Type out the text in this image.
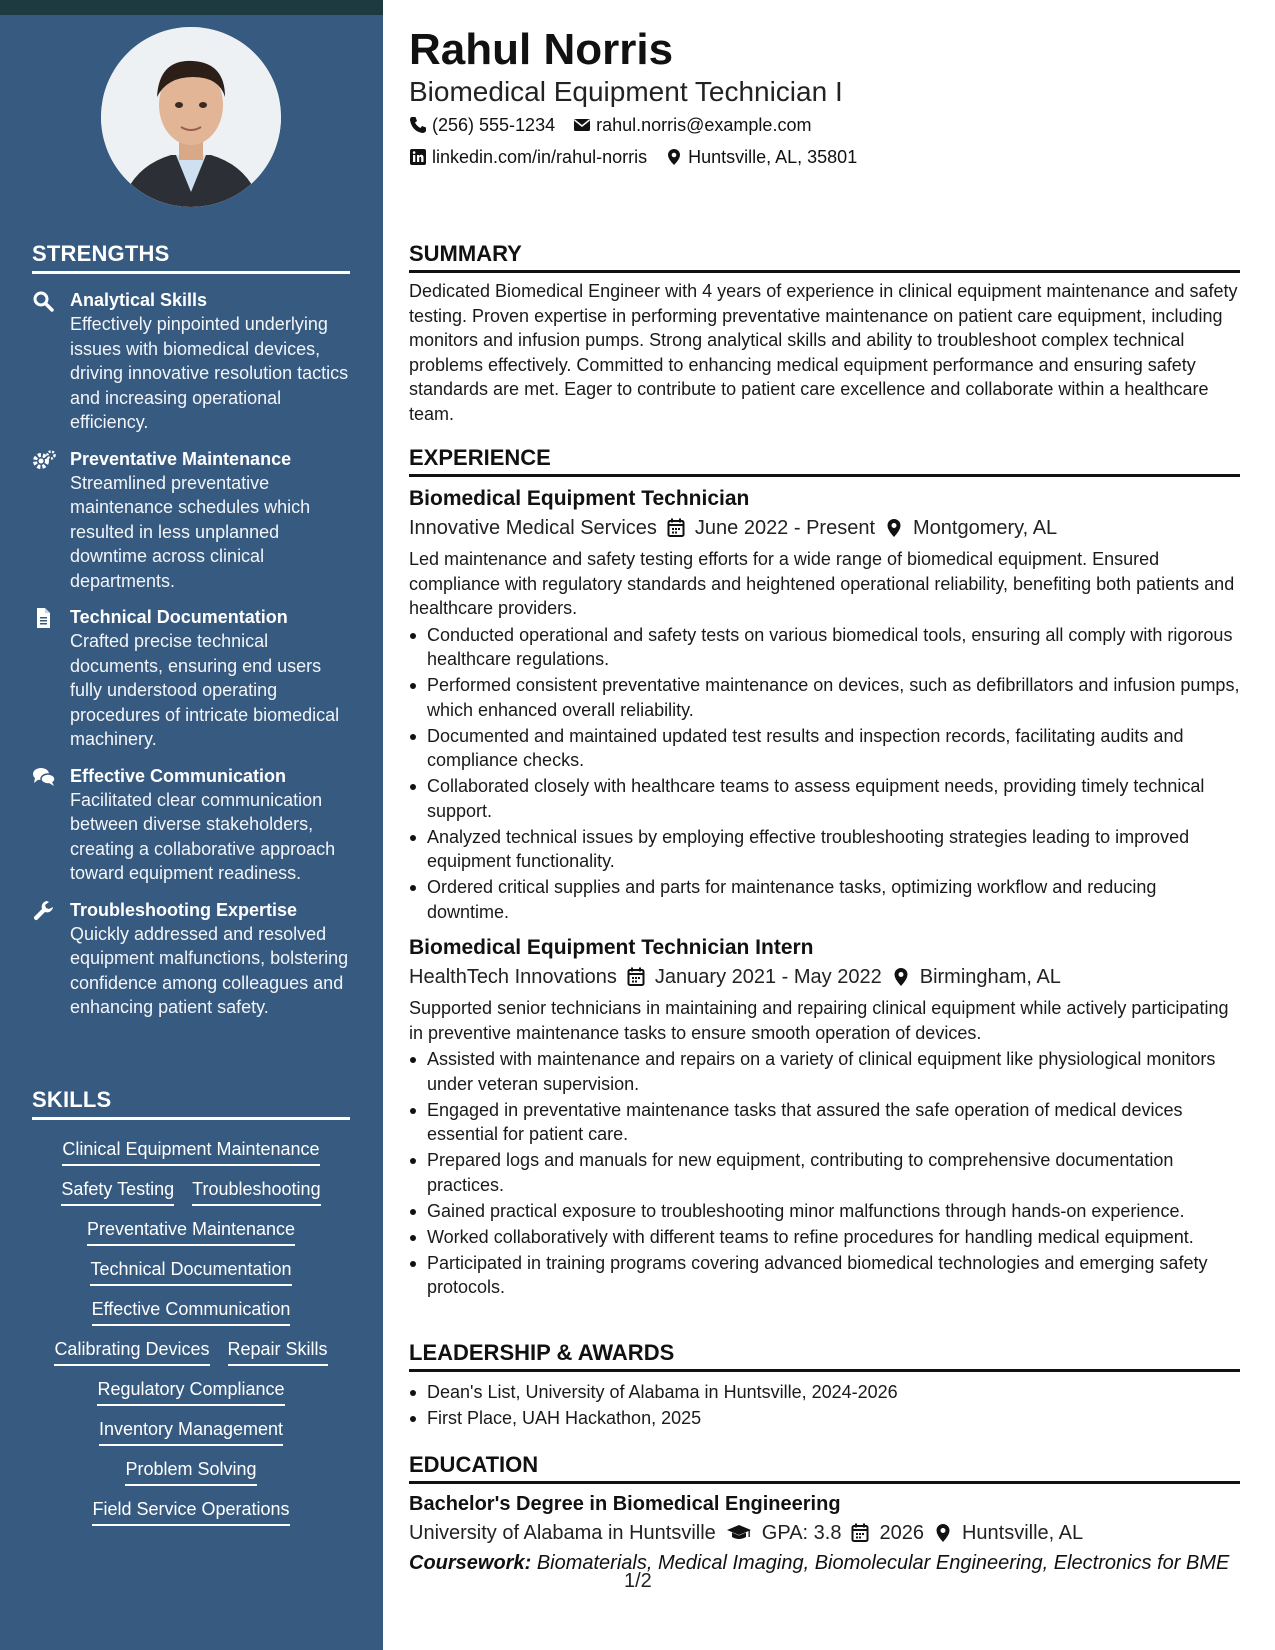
STRENGTHS
Analytical Skills
Effectively pinpointed underlying issues with biomedical devices, driving innovative resolution tactics and increasing operational efficiency.
Preventative Maintenance
Streamlined preventative maintenance schedules which resulted in less unplanned downtime across clinical departments.
Technical Documentation
Crafted precise technical documents, ensuring end users fully understood operating procedures of intricate biomedical machinery.
Effective Communication
Facilitated clear communication between diverse stakeholders, creating a collaborative approach toward equipment readiness.
Troubleshooting Expertise
Quickly addressed and resolved equipment malfunctions, bolstering confidence among colleagues and enhancing patient safety.
SKILLS
Clinical Equipment Maintenance
Safety Testing Troubleshooting
Preventative Maintenance
Technical Documentation
Effective Communication
Calibrating Devices Repair Skills
Regulatory Compliance
Inventory Management
Problem Solving
Field Service Operations
Rahul Norris
Biomedical Equipment Technician I
(256) 555-1234 rahul.norris@example.com
linkedin.com/in/rahul-norris Huntsville, AL, 35801
SUMMARY

Dedicated Biomedical Engineer with 4 years of experience in clinical equipment maintenance and safety testing. Proven expertise in performing preventative maintenance on patient care equipment, including monitors and infusion pumps. Strong analytical skills and ability to troubleshoot complex technical problems effectively. Committed to enhancing medical equipment performance and ensuring safety standards are met. Eager to contribute to patient care excellence and collaborate within a healthcare team.

EXPERIENCE
Biomedical Equipment Technician
Innovative Medical Services June 2022 - Present Montgomery, AL

Led maintenance and safety testing efforts for a wide range of biomedical equipment. Ensured compliance with regulatory standards and heightened operational reliability, benefiting both patients and healthcare providers.

Conducted operational and safety tests on various biomedical tools, ensuring all comply with rigorous healthcare regulations.
Performed consistent preventative maintenance on devices, such as defibrillators and infusion pumps, which enhanced overall reliability.
Documented and maintained updated test results and inspection records, facilitating audits and compliance checks.
Collaborated closely with healthcare teams to assess equipment needs, providing timely technical support.
Analyzed technical issues by employing effective troubleshooting strategies leading to improved equipment functionality.
Ordered critical supplies and parts for maintenance tasks, optimizing workflow and reducing downtime.
Biomedical Equipment Technician Intern
HealthTech Innovations January 2021 - May 2022 Birmingham, AL

Supported senior technicians in maintaining and repairing clinical equipment while actively participating in preventive maintenance tasks to ensure smooth operation of devices.

Assisted with maintenance and repairs on a variety of clinical equipment like physiological monitors under veteran supervision.
Engaged in preventative maintenance tasks that assured the safe operation of medical devices essential for patient care.
Prepared logs and manuals for new equipment, contributing to comprehensive documentation practices.
Gained practical exposure to troubleshooting minor malfunctions through hands-on experience.
Worked collaboratively with different teams to refine procedures for handling medical equipment.
Participated in training programs covering advanced biomedical technologies and emerging safety protocols.
LEADERSHIP & AWARDS
Dean's List, University of Alabama in Huntsville, 2024-2026
First Place, UAH Hackathon, 2025
EDUCATION
Bachelor's Degree in Biomedical Engineering
University of Alabama in Huntsville GPA: 3.8 2026 Huntsville, AL
Coursework: Biomaterials, Medical Imaging, Biomolecular Engineering, Electronics for BME
1/2
